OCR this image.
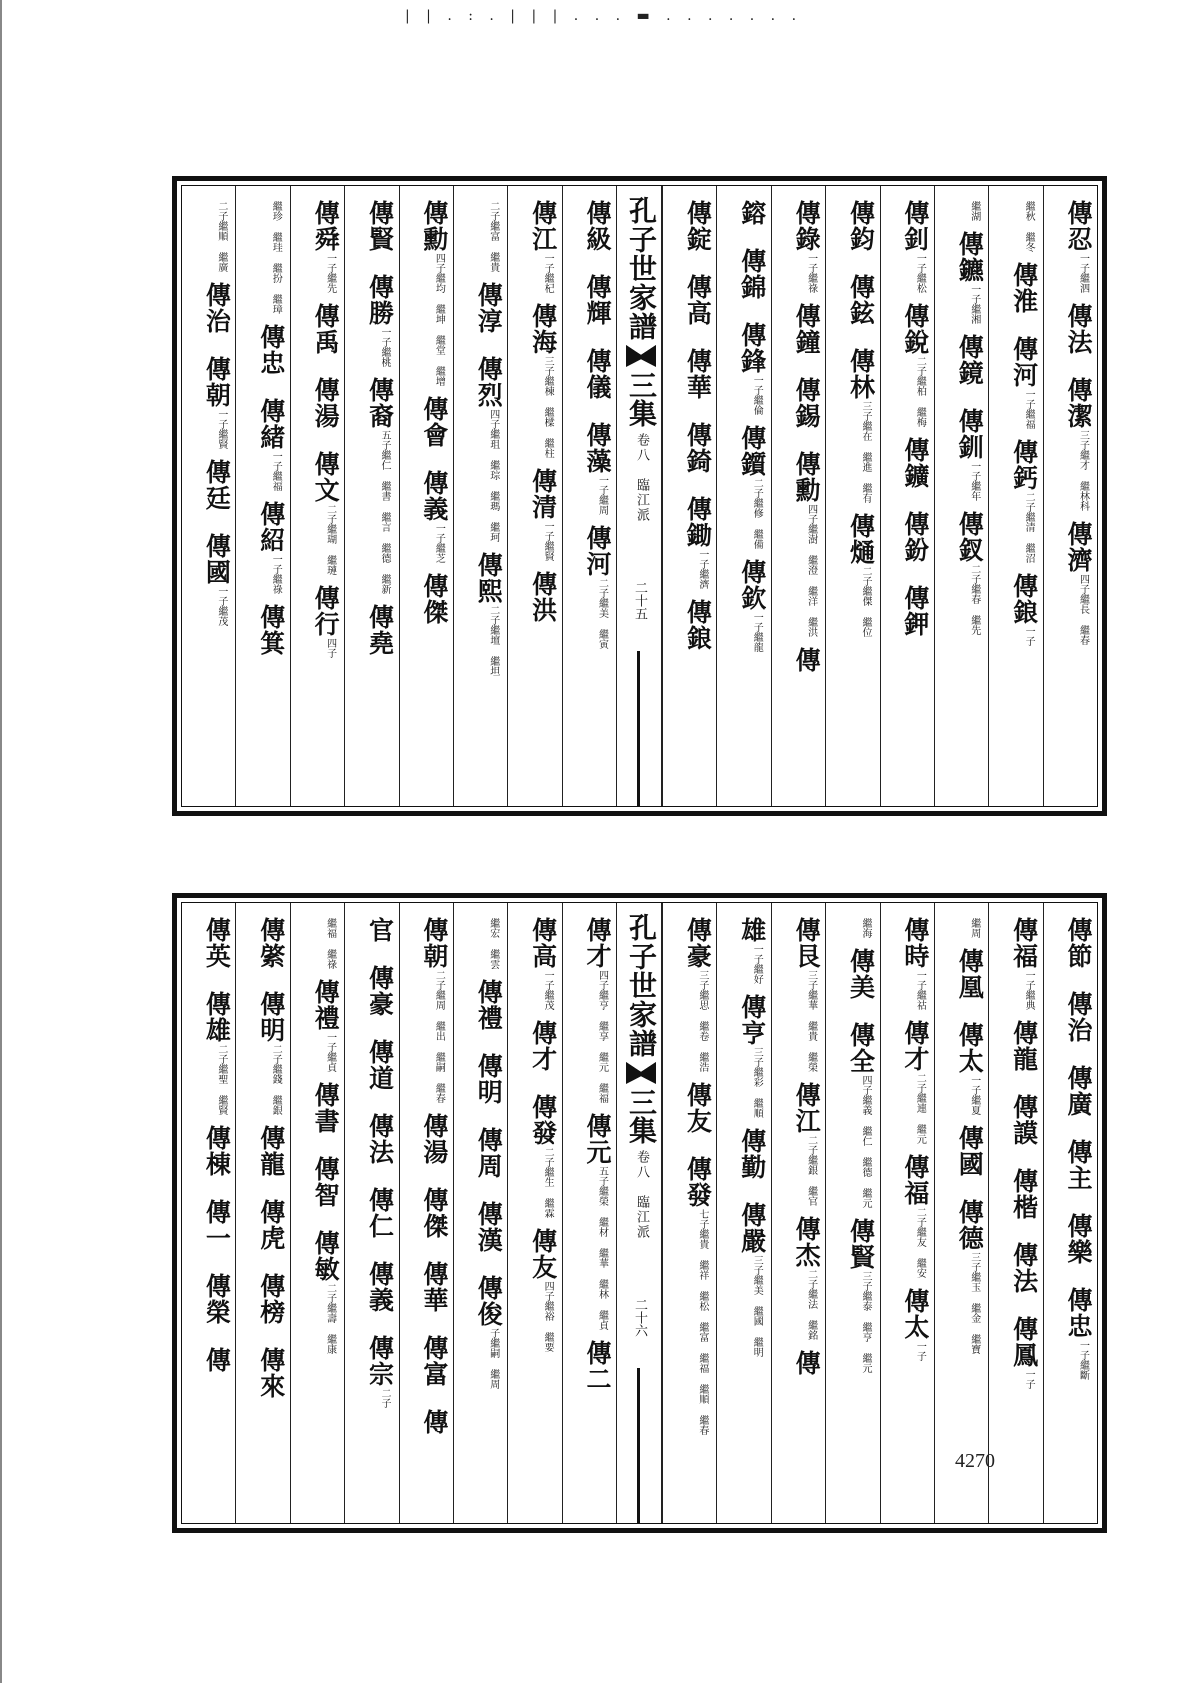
| | . : . | | | . . . ▬ . . . . . . .
傳忍一子繼泗傳法傳潔三子繼才 繼林科傳濟四子繼長 繼春
繼秋 繼冬傳淮傳河一子繼福傳鈣二子繼清 繼沼傳鋃一子
繼湖傳鑣一子繼湘傳鏡傳釧一子繼年傳釵二子繼春 繼先
傳釗一子繼松傳銳二子繼柏 繼梅傳鑛傳鈖傳鉀
傳鈞傳鉉傳林三子繼在 繼進 繼有傳熥二子繼傑 繼位
傳錄一子繼祿傳鐘傳錫傳勳四子繼澍 繼澄 繼洋 繼洪傳
鎔傳錦傳鋒一子繼倫傳鑕二子繼修 繼備傳欽一子繼龍
傳錠傳高傳華傳錡傳鋤一子繼濟傳鋃
孔子世家譜三集卷八　臨江派
二十五
傳級傳輝傳儀傳藻一子繼周傳河二子繼美 繼寅
傳江一子繼杞傳海三子繼棟 繼樑 繼柱傳清一子繼賢傳洪
二子繼富 繼貴傳淳傳烈四子繼珇 繼琮 繼瑪 繼珂傳熙二子繼壇 繼坦
傳勳四子繼均 繼坤 繼堂 繼增傳會傳義一子繼芝傳傑
傳賢傳勝一子繼桃傳裔五子繼仁 繼書 繼言 繼德 繼新傳堯
傳舜一子繼先傳禹傳湯傳文二子繼瑚 繼璉傳行四子
繼珍 繼珪 繼扮 繼璋傳忠傳緒一子繼福傳紹一子繼祿傳箕
二子繼順 繼廣傳治傳朝一子繼賢傳廷傳國一子繼茂
傳節傳治傳廣傳主傳樂傳忠一子繼斷
傳福一子繼典傳龍傳謨傳楷傳法傳鳳一子
繼周傳凰傳太一子繼夏傳國傳德三子繼玉 繼金 繼寶
傳時一子繼祜傳才二子繼連 繼元傳福二子繼友 繼安傳太一子
繼海傳美傳全四子繼義 繼仁 繼德 繼元傳賢三子繼泰 繼亨 繼元
傳艮三子繼華 繼貴 繼榮傳江二子繼銀 繼官傳杰二子繼法 繼銘傳
雄一子繼好傳亨三子繼彩 繼順傳勤傳嚴三子繼美 繼國 繼明
傳豪三子繼思 繼卷 繼浩傳友傳發七子繼貴 繼祥 繼松 繼富 繼福 繼順 繼春
孔子世家譜三集卷八　臨江派
二十六
傳才四子繼亨 繼享 繼元 繼福傳元五子繼榮 繼材 繼華 繼林 繼貞傳二
傳高一子繼茂傳才傳發二子繼生 繼霖傳友四子繼裕 繼要
繼宏 繼雲傳禮傳明傳周傳漢傳俊子繼嗣 繼周
傳朝二子繼周 繼出 繼嗣 繼春傳湯傳傑傳華傳富傳
官傳豪傳道傳法傳仁傳義傳宗二子
繼福 繼祿傳禮一子繼貞傳書傳智傳敏二子繼壽 繼康
傳綮傳明二子繼錢 繼銀傳龍傳虎傳榜傳來
傳英傳雄二子繼聖 繼賢傳棟傳一傳榮傳
4270
